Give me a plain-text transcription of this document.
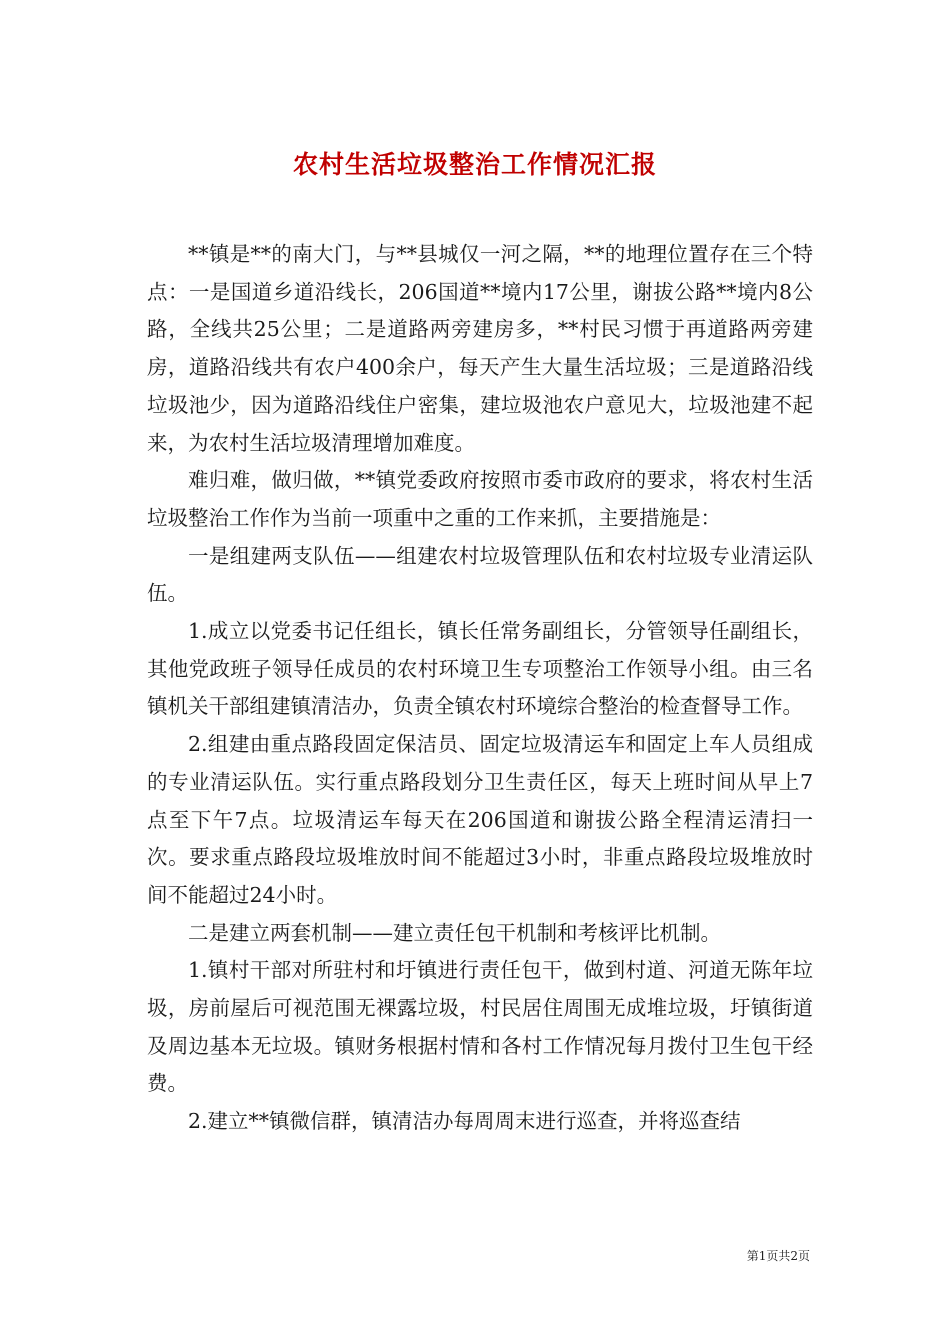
农村生活垃圾整治工作情况汇报

**镇是**的南大门，与**县城仅一河之隔，**的地理位置存在三个特点：一是国道乡道沿线长，206国道**境内17公里，谢拔公路**境内8公路，全线共25公里；二是道路两旁建房多，**村民习惯于再道路两旁建房，道路沿线共有农户400余户，每天产生大量生活垃圾；三是道路沿线垃圾池少，因为道路沿线住户密集，建垃圾池农户意见大，垃圾池建不起来，为农村生活垃圾清理增加难度。

难归难，做归做，**镇党委政府按照市委市政府的要求，将农村生活垃圾整治工作作为当前一项重中之重的工作来抓，主要措施是：

一是组建两支队伍——组建农村垃圾管理队伍和农村垃圾专业清运队伍。

1.成立以党委书记任组长，镇长任常务副组长，分管领导任副组长，其他党政班子领导任成员的农村环境卫生专项整治工作领导小组。由三名镇机关干部组建镇清洁办，负责全镇农村环境综合整治的检查督导工作。

2.组建由重点路段固定保洁员、固定垃圾清运车和固定上车人员组成的专业清运队伍。实行重点路段划分卫生责任区，每天上班时间从早上7点至下午7点。垃圾清运车每天在206国道和谢拔公路全程清运清扫一次。要求重点路段垃圾堆放时间不能超过3小时，非重点路段垃圾堆放时间不能超过24小时。

二是建立两套机制——建立责任包干机制和考核评比机制。

1.镇村干部对所驻村和圩镇进行责任包干，做到村道、河道无陈年垃圾，房前屋后可视范围无裸露垃圾，村民居住周围无成堆垃圾，圩镇街道及周边基本无垃圾。镇财务根据村情和各村工作情况每月拨付卫生包干经费。

2.建立**镇微信群，镇清洁办每周周末进行巡查，并将巡查结

第1页共2页
